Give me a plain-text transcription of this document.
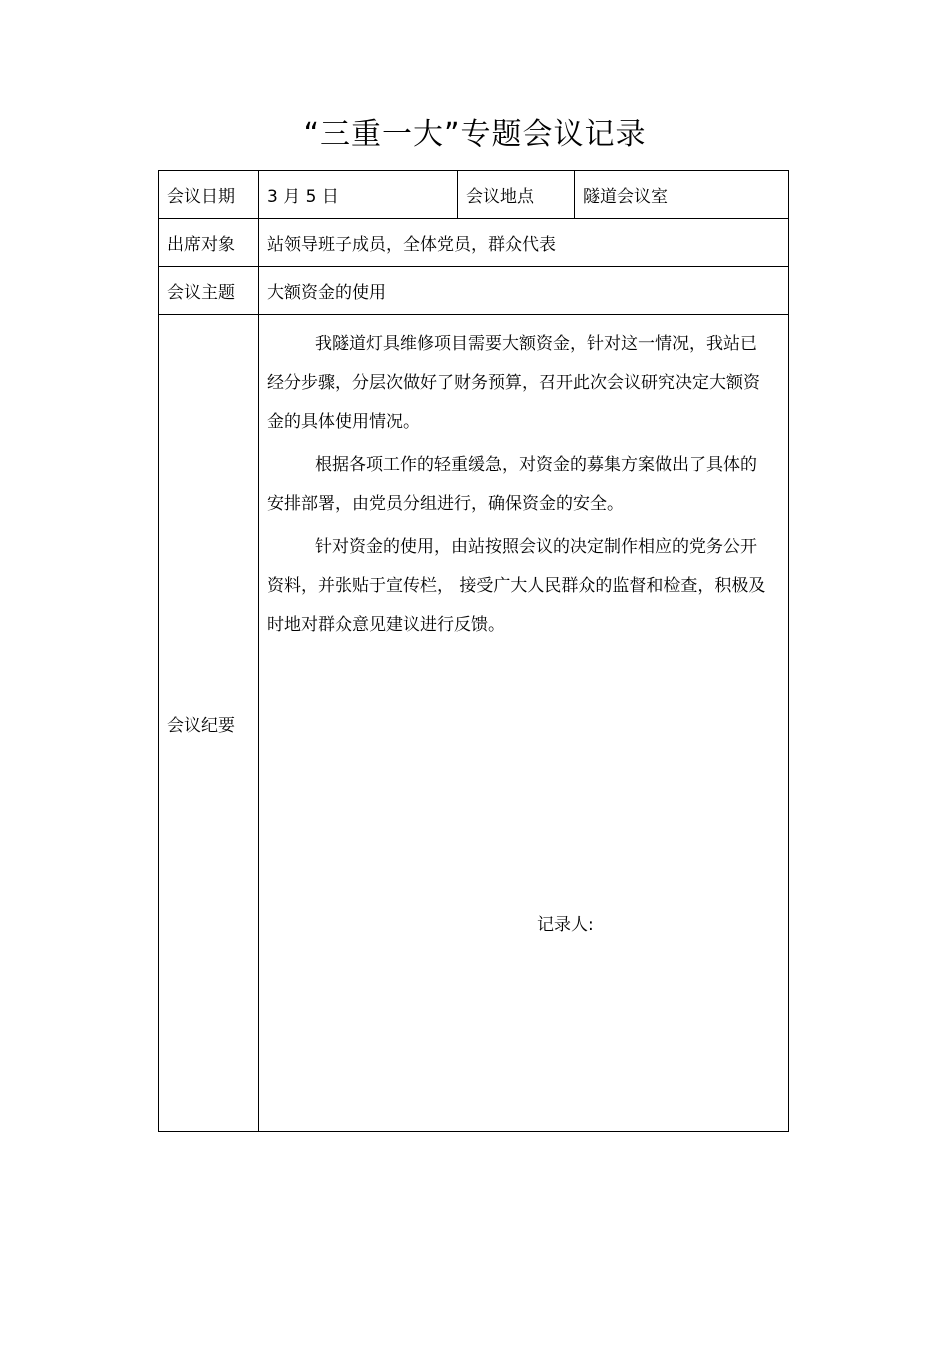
“三重一大”专题会议记录
会议日期	3 月 5 日	会议地点	隧道会议室
出席对象	站领导班子成员，全体党员，群众代表		
会议主题	大额资金的使用		
会议纪要	我隧道灯具维修项目需要大额资金，针对这一情况，我站已经分步骤，分层次做好了财务预算，召开此次会议研究决定大额资金的具体使用情况。

根据各项工作的轻重缓急，对资金的募集方案做出了具体的安排部署，由党员分组进行，确保资金的安全。

针对资金的使用，由站按照会议的决定制作相应的党务公开资料，并张贴于宣传栏， 接受广大人民群众的监督和检查，积极及时地对群众意见建议进行反馈。

记录人:		
